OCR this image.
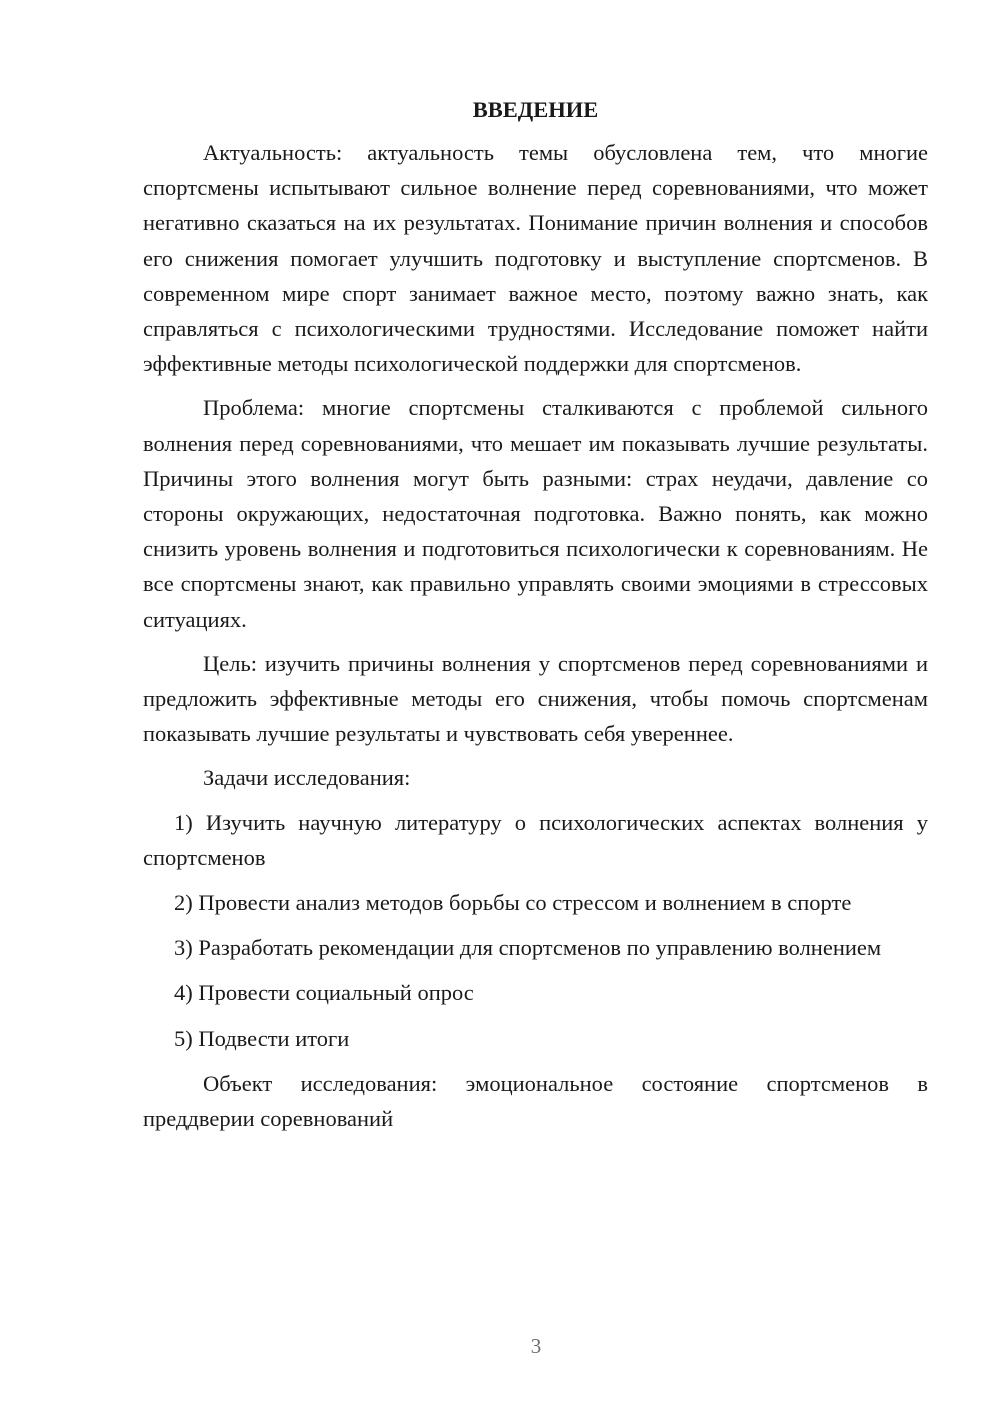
ВВЕДЕНИЕ

Актуальность: актуальность темы обусловлена тем, что многие спортсмены испытывают сильное волнение перед соревнованиями, что может негативно сказаться на их результатах. Понимание причин волнения и способов его снижения помогает улучшить подготовку и выступление спортсменов. В современном мире спорт занимает важное место, поэтому важно знать, как справляться с психологическими трудностями. Исследование поможет найти эффективные методы психологической поддержки для спортсменов.

Проблема: многие спортсмены сталкиваются с проблемой сильного волнения перед соревнованиями, что мешает им показывать лучшие результаты. Причины этого волнения могут быть разными: страх неудачи, давление со стороны окружающих, недостаточная подготовка. Важно понять, как можно снизить уровень волнения и подготовиться психологически к соревнованиям. Не все спортсмены знают, как правильно управлять своими эмоциями в стрессовых ситуациях.

Цель: изучить причины волнения у спортсменов перед соревнованиями и предложить эффективные методы его снижения, чтобы помочь спортсменам показывать лучшие результаты и чувствовать себя увереннее.

Задачи исследования:

1) Изучить научную литературу о психологических аспектах волнения у спортсменов

2) Провести анализ методов борьбы со стрессом и волнением в спорте

3) Разработать рекомендации для спортсменов по управлению волнением

4) Провести социальный опрос

5) Подвести итоги

Объект исследования: эмоциональное состояние спортсменов в преддверии соревнований

3
